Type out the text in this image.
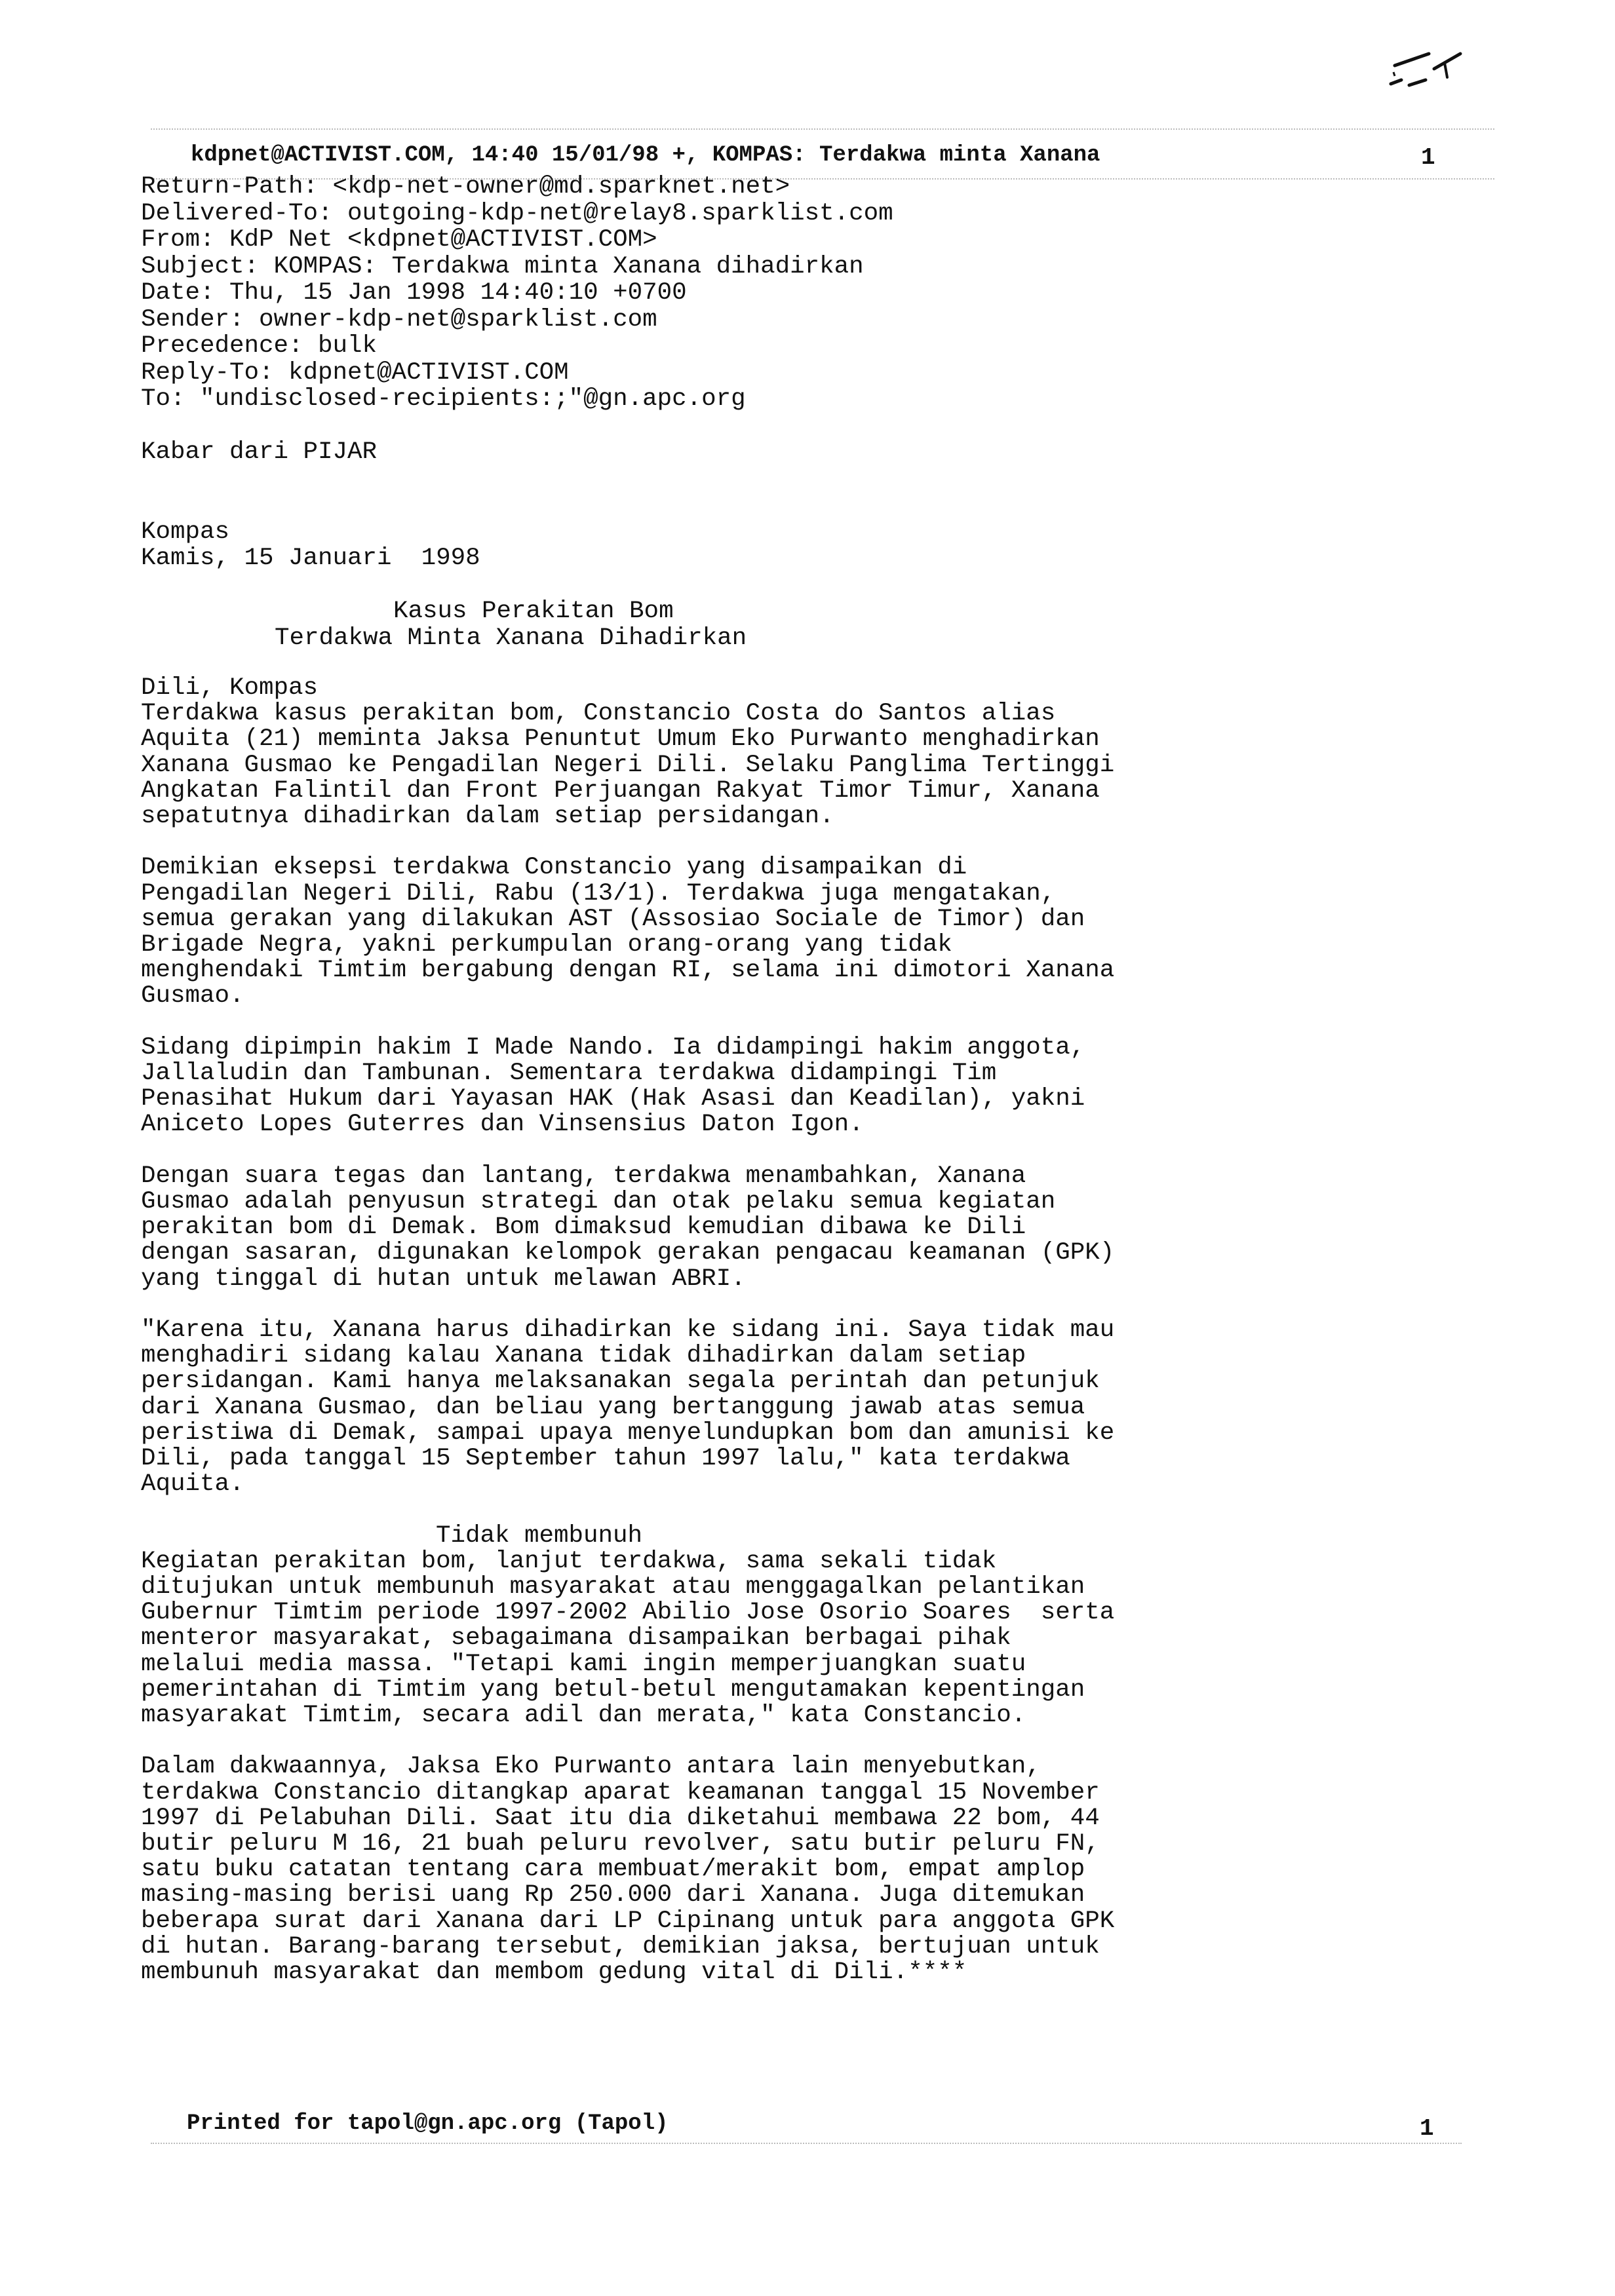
kdpnet@ACTIVIST.COM, 14:40 15/01/98 +, KOMPAS: Terdakwa minta Xanana	1
Return-Path: <kdp-net-owner@md.sparknet.net>
Delivered-To: outgoing-kdp-net@relay8.sparklist.com
From: KdP Net <kdpnet@ACTIVIST.COM>
Subject: KOMPAS: Terdakwa minta Xanana dihadirkan
Date: Thu, 15 Jan 1998 14:40:10 +0700
Sender: owner-kdp-net@sparklist.com
Precedence: bulk
Reply-To: kdpnet@ACTIVIST.COM
To: "undisclosed-recipients:;"@gn.apc.org
Kabar dari PIJAR
Kompas
Kamis, 15 Januari  1998
Kasus Perakitan Bom
Terdakwa Minta Xanana Dihadirkan
Dili, Kompas
Terdakwa kasus perakitan bom, Constancio Costa do Santos alias
Aquita (21) meminta Jaksa Penuntut Umum Eko Purwanto menghadirkan
Xanana Gusmao ke Pengadilan Negeri Dili. Selaku Panglima Tertinggi
Angkatan Falintil dan Front Perjuangan Rakyat Timor Timur, Xanana
sepatutnya dihadirkan dalam setiap persidangan.
Demikian eksepsi terdakwa Constancio yang disampaikan di
Pengadilan Negeri Dili, Rabu (13/1). Terdakwa juga mengatakan,
semua gerakan yang dilakukan AST (Assosiao Sociale de Timor) dan
Brigade Negra, yakni perkumpulan orang-orang yang tidak
menghendaki Timtim bergabung dengan RI, selama ini dimotori Xanana
Gusmao.
Sidang dipimpin hakim I Made Nando. Ia didampingi hakim anggota,
Jallaludin dan Tambunan. Sementara terdakwa didampingi Tim
Penasihat Hukum dari Yayasan HAK (Hak Asasi dan Keadilan), yakni
Aniceto Lopes Guterres dan Vinsensius Daton Igon.
Dengan suara tegas dan lantang, terdakwa menambahkan, Xanana
Gusmao adalah penyusun strategi dan otak pelaku semua kegiatan
perakitan bom di Demak. Bom dimaksud kemudian dibawa ke Dili
dengan sasaran, digunakan kelompok gerakan pengacau keamanan (GPK)
yang tinggal di hutan untuk melawan ABRI.
"Karena itu, Xanana harus dihadirkan ke sidang ini. Saya tidak mau
menghadiri sidang kalau Xanana tidak dihadirkan dalam setiap
persidangan. Kami hanya melaksanakan segala perintah dan petunjuk
dari Xanana Gusmao, dan beliau yang bertanggung jawab atas semua
peristiwa di Demak, sampai upaya menyelundupkan bom dan amunisi ke
Dili, pada tanggal 15 September tahun 1997 lalu," kata terdakwa
Aquita.
Tidak membunuh
Kegiatan perakitan bom, lanjut terdakwa, sama sekali tidak
ditujukan untuk membunuh masyarakat atau menggagalkan pelantikan
Gubernur Timtim periode 1997-2002 Abilio Jose Osorio Soares  serta
menteror masyarakat, sebagaimana disampaikan berbagai pihak
melalui media massa. "Tetapi kami ingin memperjuangkan suatu
pemerintahan di Timtim yang betul-betul mengutamakan kepentingan
masyarakat Timtim, secara adil dan merata," kata Constancio.
Dalam dakwaannya, Jaksa Eko Purwanto antara lain menyebutkan,
terdakwa Constancio ditangkap aparat keamanan tanggal 15 November
1997 di Pelabuhan Dili. Saat itu dia diketahui membawa 22 bom, 44
butir peluru M 16, 21 buah peluru revolver, satu butir peluru FN,
satu buku catatan tentang cara membuat/merakit bom, empat amplop
masing-masing berisi uang Rp 250.000 dari Xanana. Juga ditemukan
beberapa surat dari Xanana dari LP Cipinang untuk para anggota GPK
di hutan. Barang-barang tersebut, demikian jaksa, bertujuan untuk
membunuh masyarakat dan membom gedung vital di Dili.****
Printed for tapol@gn.apc.org (Tapol)	1
